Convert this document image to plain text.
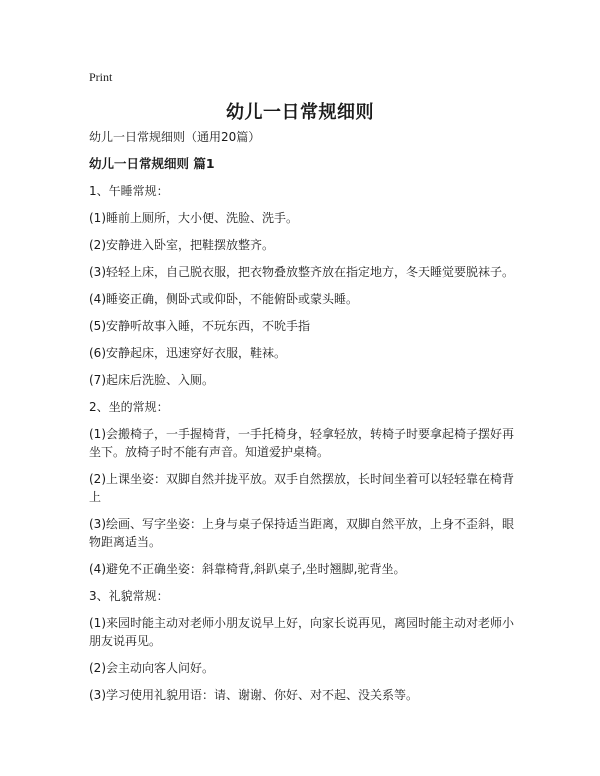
Print
幼儿一日常规细则

幼儿一日常规细则（通用20篇）

幼儿一日常规细则 篇1

1、午睡常规：

(1)睡前上厕所，大小便、洗脸、洗手。

(2)安静进入卧室，把鞋摆放整齐。

(3)轻轻上床，自己脱衣服，把衣物叠放整齐放在指定地方，冬天睡觉要脱袜子。

(4)睡姿正确，侧卧式或仰卧，不能俯卧或蒙头睡。

(5)安静听故事入睡，不玩东西，不吮手指

(6)安静起床，迅速穿好衣服，鞋袜。

(7)起床后洗脸、入厕。

2、坐的常规：

(1)会搬椅子，一手握椅背，一手托椅身，轻拿轻放，转椅子时要拿起椅子摆好再坐下。放椅子时不能有声音。知道爱护桌椅。

(2)上课坐姿：双脚自然并拢平放。双手自然摆放，长时间坐着可以轻轻靠在椅背上

(3)绘画、写字坐姿：上身与桌子保持适当距离，双脚自然平放，上身不歪斜，眼物距离适当。

(4)避免不正确坐姿：斜靠椅背,斜趴桌子,坐时翘脚,驼背坐。

3、礼貌常规：

(1)来园时能主动对老师小朋友说早上好，向家长说再见，离园时能主动对老师小朋友说再见。

(2)会主动向客人问好。

(3)学习使用礼貌用语：请、谢谢、你好、对不起、没关系等。
